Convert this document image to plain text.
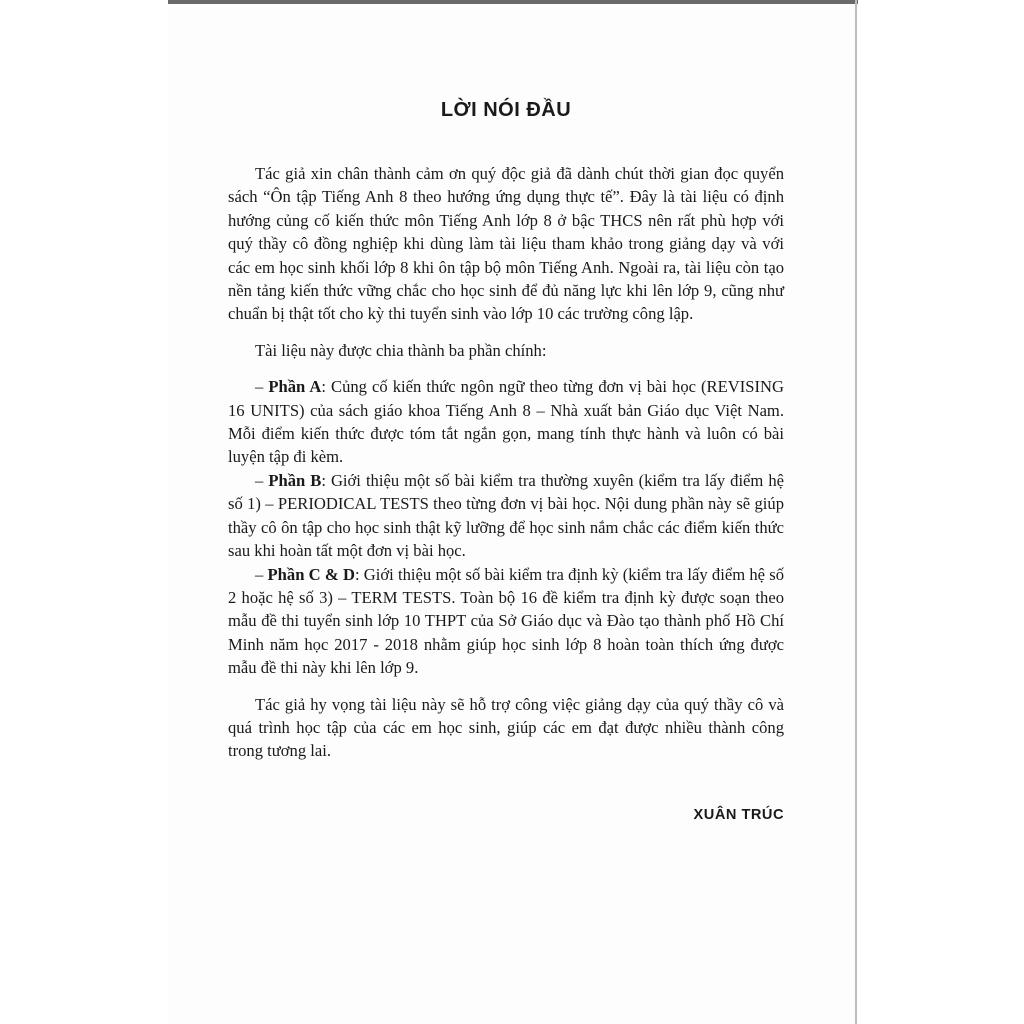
LỜI NÓI ĐẦU

Tác giả xin chân thành cảm ơn quý độc giả đã dành chút thời gian đọc quyển sách “Ôn tập Tiếng Anh 8 theo hướng ứng dụng thực tế”. Đây là tài liệu có định hướng củng cố kiến thức môn Tiếng Anh lớp 8 ở bậc THCS nên rất phù hợp với quý thầy cô đồng nghiệp khi dùng làm tài liệu tham khảo trong giảng dạy và với các em học sinh khối lớp 8 khi ôn tập bộ môn Tiếng Anh. Ngoài ra, tài liệu còn tạo nền tảng kiến thức vững chắc cho học sinh để đủ năng lực khi lên lớp 9, cũng như chuẩn bị thật tốt cho kỳ thi tuyển sinh vào lớp 10 các trường công lập.

Tài liệu này được chia thành ba phần chính:

– Phần A: Củng cố kiến thức ngôn ngữ theo từng đơn vị bài học (REVISING 16 UNITS) của sách giáo khoa Tiếng Anh 8 – Nhà xuất bản Giáo dục Việt Nam. Mỗi điểm kiến thức được tóm tắt ngắn gọn, mang tính thực hành và luôn có bài luyện tập đi kèm.

– Phần B: Giới thiệu một số bài kiểm tra thường xuyên (kiểm tra lấy điểm hệ số 1) – PERIODICAL TESTS theo từng đơn vị bài học. Nội dung phần này sẽ giúp thầy cô ôn tập cho học sinh thật kỹ lưỡng để học sinh nắm chắc các điểm kiến thức sau khi hoàn tất một đơn vị bài học.

– Phần C & D: Giới thiệu một số bài kiểm tra định kỳ (kiểm tra lấy điểm hệ số 2 hoặc hệ số 3) – TERM TESTS. Toàn bộ 16 đề kiểm tra định kỳ được soạn theo mẫu đề thi tuyển sinh lớp 10 THPT của Sở Giáo dục và Đào tạo thành phố Hồ Chí Minh năm học 2017 - 2018 nhằm giúp học sinh lớp 8 hoàn toàn thích ứng được mẫu đề thi này khi lên lớp 9.

Tác giả hy vọng tài liệu này sẽ hỗ trợ công việc giảng dạy của quý thầy cô và quá trình học tập của các em học sinh, giúp các em đạt được nhiều thành công trong tương lai.

XUÂN TRÚC
